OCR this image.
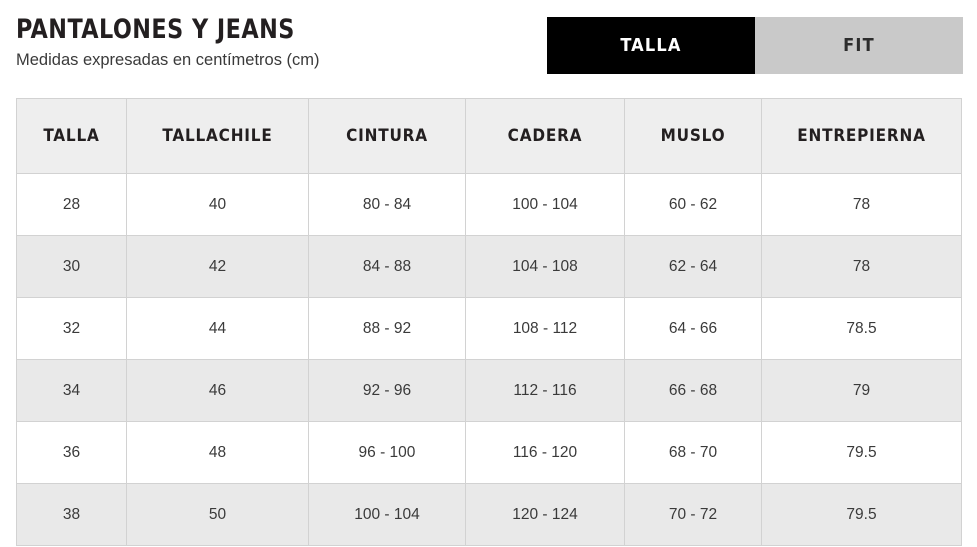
PANTALONES Y JEANS

Medidas expresadas en centímetros (cm)

TALLA	FIT
TALLA	TALLACHILE	CINTURA	CADERA	MUSLO	ENTREPIERNA
28	40	80 - 84	100 - 104	60 - 62	78
30	42	84 - 88	104 - 108	62 - 64	78
32	44	88 - 92	108 - 112	64 - 66	78.5
34	46	92 - 96	112 - 116	66 - 68	79
36	48	96 - 100	116 - 120	68 - 70	79.5
38	50	100 - 104	120 - 124	70 - 72	79.5
